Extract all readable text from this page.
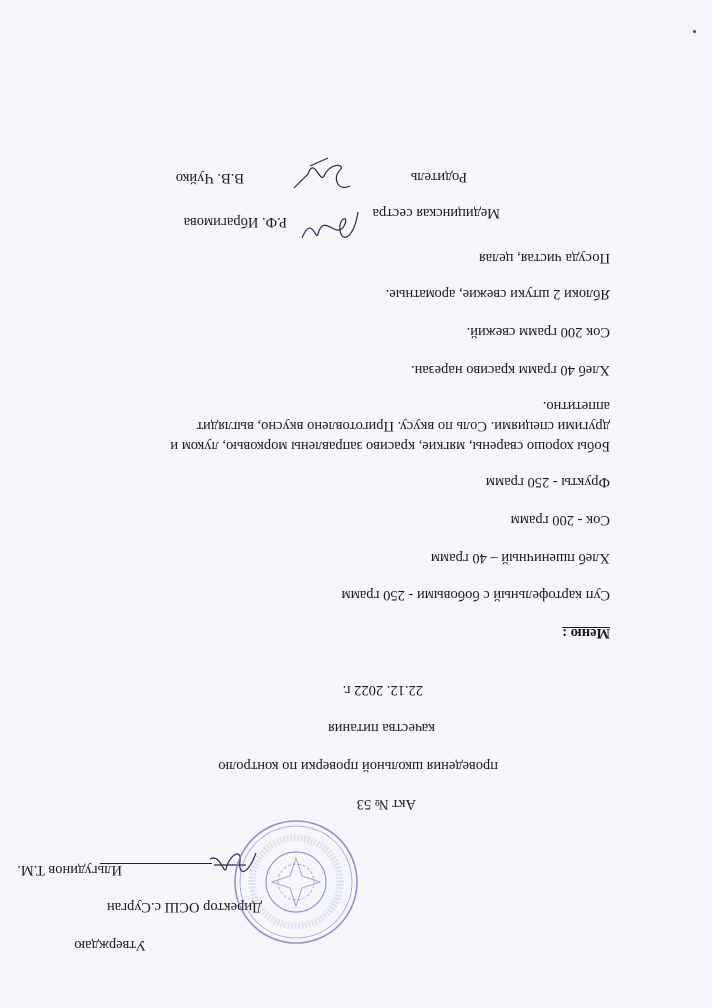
Утверждаю
Директор ОСШ с.Сурган
Ильгудинов Т.М.
Акт № 53
проведения школьной проверки по контролю
качества питания
22.12. 2022 г.
Меню :
Суп картофельный с бобовыми - 250 грамм
Хлеб пшеничный – 40 грамм
Сок - 200 грамм
Фрукты - 250 грамм
Бобы хорошо сварены, мягкие, красиво заправлены морковью, луком и
другими специями. Соль по вкусу. Приготовлено вкусно, выглядит
аппетитно.
Хлеб 40 грамм красиво нарезан.
Сок 200 грамм свежий.
Яблоки 2 штуки свежие, ароматные.
Посуда чистая, целая
Медицинская сестра
Р.Ф. Ибрагимова
Родитель
В.В. Чуйко
